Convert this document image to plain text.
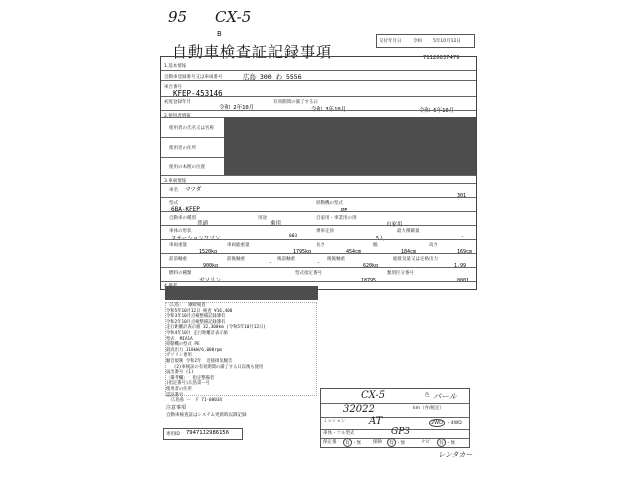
95 CX-5
B
自動車検査証記録事項
交付年月日	令和 5年10月12日
71120037479
1.基本情報
自動車登録番号又は車両番号	広島 300 わ 5556
車台番号
KFEP-453146
初度登録年月
令和 2年10月
有効期間の満了する日
令和 3年10月	令和 6年10月
2.使用者情報
使用者の氏名又は名称
使用者の住所
使用の本拠の位置
3.車両情報
車名 マツダ
301
型式
6BA-KFEP
原動機の型式
PE
自動車の種別
普通
用途
乗用
自家用・事業用の別
自家用
車体の形状
ステーションワゴン	003
乗車定員
5人
最大積載量
-
車両重量
1520kg
車両総重量
1795kg
長さ
454cm
幅
184cm
高さ
169cm
前前軸重
900kg
前後軸重
-
後前軸重
-
後後軸重
620kg
総排気量又は定格出力
1.99
燃料の種類
ガソリン
型式指定番号
18795
類別区分番号
0001
〔広島〕  継続検査
令和5年10月12日 検査 ¥16,400
令和3年10月点検整備記録簿有
令和2年10月点検整備記録簿有
走行距離計表示値 32,300km (令和5年10月12日)
令和4年10月 走行距離計表示値
型式  MIA1A
原動機の型式 PE
最高出力 118kW/6,000rpm
ガソリン専用
騒音規制 令和2年  近接排気騒音
(2)車検証の有効期間の満了する日以後も使用
届出番号 (1)
〔備考欄〕  指定整備者
(指定番号)広島第ー号
使用者の住所
認証番号
広島県 ー  F 71-00034
注意事項
自動車検査証はシステム更新時以降記録
専用ID 79471J2986156
CX-5	色 パール
32022	km（弁/税定）
ミッション AT	2WD ・4WD
車体・フル型式	GP3
保定番	有 ・無	保険	有 ・無	ナビ	有 ・無
レンタカー
